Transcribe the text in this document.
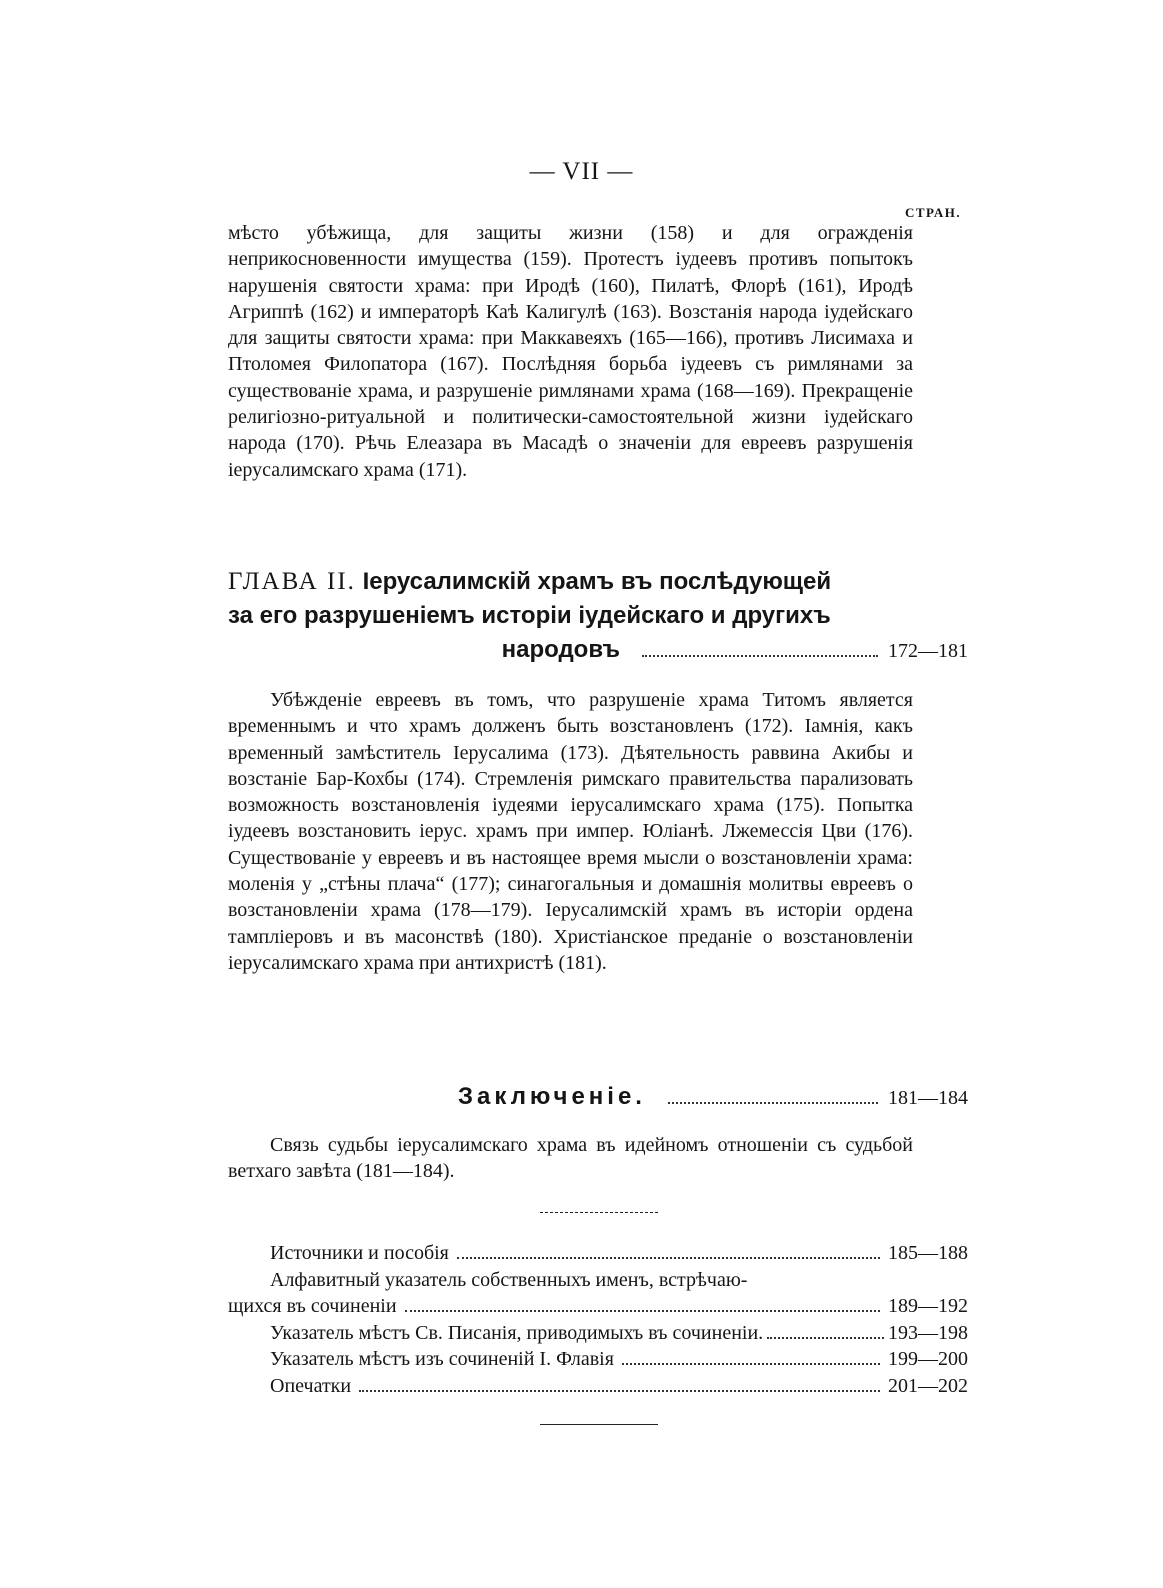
— VII —
СТРАН.

мѣсто убѣжища, для защиты жизни (158) и для огражденія неприкосновенности имущества (159). Протестъ іудеевъ противъ попытокъ нарушенія святости храма: при Иродѣ (160), Пилатѣ, Флорѣ (161), Иродѣ Агриппѣ (162) и императорѣ Каѣ Калигулѣ (163). Возстанія народа іудейскаго для защиты святости храма: при Маккавеяхъ (165—166), противъ Лисимаха и Птоломея Филопатора (167). Послѣдняя борьба іудеевъ съ римлянами за существованіе храма, и разрушеніе римлянами храма (168—169). Прекращеніе религіозно-ритуальной и политически-самостоятельной жизни іудейскаго народа (170). Рѣчь Елеазара въ Масадѣ о значеніи для евреевъ разрушенія іерусалимскаго храма (171).

ГЛАВА II. Іерусалимскій храмъ въ послѣдующей
за его разрушеніемъ исторіи іудейскаго и другихъ
народовъ	172—181

Убѣжденіе евреевъ въ томъ, что разрушеніе храма Титомъ является временнымъ и что храмъ долженъ быть возстановленъ (172). Іамнія, какъ временный замѣститель Іерусалима (173). Дѣятельность раввина Акибы и возстаніе Бар-Кохбы (174). Стремленія римскаго правительства парализовать возможность возстановленія іудеями іерусалимскаго храма (175). Попытка іудеевъ возстановить іерус. храмъ при импер. Юліанѣ. Лжемессія Цви (176). Существованіе у евреевъ и въ настоящее время мысли о возстановленіи храма: моленія у „стѣны плача“ (177); синагогальныя и домашнія молитвы евреевъ о возстановленіи храма (178—179). Іерусалимскій храмъ въ исторіи ордена тампліеровъ и въ масонствѣ (180). Христіанское преданіе о возстановленіи іерусалимскаго храма при антихристѣ (181).

Заключеніе.	181—184

Связь судьбы іерусалимскаго храма въ идейномъ отношеніи съ судьбой ветхаго завѣта (181—184).

Источники и пособія	185—188
Алфавитный указатель собственныхъ именъ, встрѣчаю-
щихся въ сочиненіи	189—192
Указатель мѣстъ Св. Писанія, приводимыхъ въ сочиненіи.	193—198
Указатель мѣстъ изъ сочиненій І. Флавія	199—200
Опечатки	201—202
